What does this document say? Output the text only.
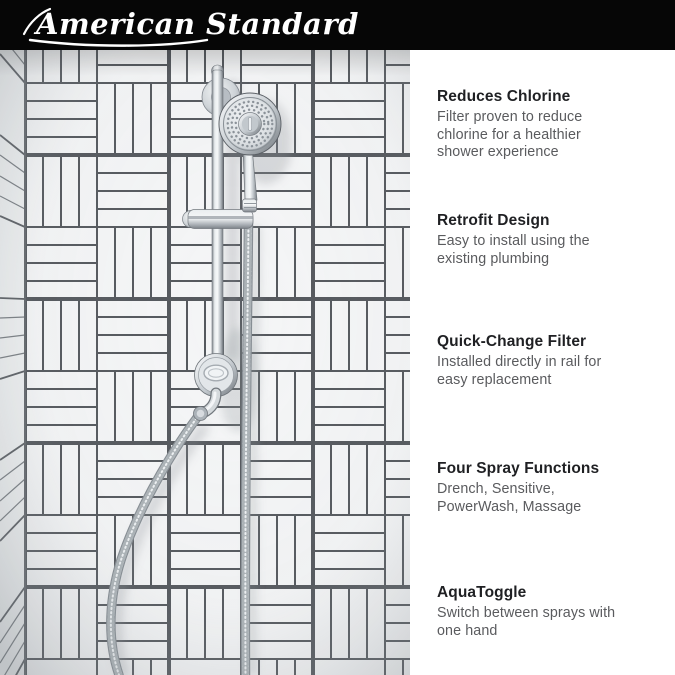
American Standard
Reduces Chlorine

Filter proven to reduce chlorine for a healthier shower experience

Retrofit Design

Easy to install using the existing plumbing

Quick-Change Filter

Installed directly in rail for easy replacement

Four Spray Functions

Drench, Sensitive, PowerWash, Massage

AquaToggle

Switch between sprays with one hand
